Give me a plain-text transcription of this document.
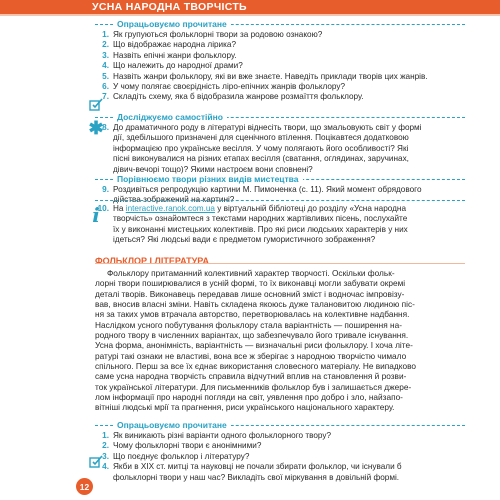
УСНА НАРОДНА ТВОРЧІСТЬ
Опрацьовуємо прочитане
1. Як групуються фольклорні твори за родовою ознакою?
2. Що відображає народна лірика?
3. Назвіть епічні жанри фольклору.
4. Що належить до народної драми?
5. Назвіть жанри фольклору, які ви вже знаєте. Наведіть приклади творів цих жанрів.
6. У чому полягає своєрідність ліро-епічних жанрів фольклору?
7. Складіть схему, яка б відобразила жанрове розмаїття фольклору.
Досліджуємо самостійно
8. До драматичного роду в літературі віднесіть твори, що змальовують світ у формі
дії, здебільшого призначені для сценічного втілення. Поцікавтеся додатковою
інформацією про українське весілля. У чому полягають його особливості? Які
пісні виконувалися на різних етапах весілля (сватання, оглядинах, заручинах,
дівич-вечорі тощо)? Якими настроєм вони сповнені?
✱
Порівнюємо твори різних видів мистецтва
9. Роздивіться репродукцію картини М. Пимоненка (с. 11). Який момент обрядового
дійства зображений на картині?
10. На interactive.ranok.com.ua у віртуальній бібліотеці до розділу «Усна народна
творчість» ознайомтеся з текстами народних жартівливих пісень, послухайте
їх у виконанні мистецьких колективів. Про які риси людських характерів у них
ідеться? Які людські вади є предметом гумористичного зображення?
i
ФОЛЬКЛОР І ЛІТЕРАТУРА
Фольклору притаманний колективний характер творчості. Оскільки фольк-
лорні твори поширювалися в усній формі, то їх виконавці могли забувати окремі
деталі творів. Виконавець передавав лише основний зміст і водночас імпровізу-
вав, вносив власні зміни. Навіть складена якоюсь дуже талановитою людиною піс-
ня за таких умов втрачала авторство, перетворювалась на колективне надбання.
Наслідком усного побутування фольклору стала варіантність — поширення на-
родного твору в численних варіантах, що забезпечувало його тривале існування.
Усна форма, анонімність, варіантність — визначальні риси фольклору. І хоча літе-
ратурі такі ознаки не властиві, вона все ж зберігає з народною творчістю чимало
спільного. Перш за все їх єднає використання словесного матеріалу. Не випадково
саме усна народна творчість справила відчутний вплив на становлення й розви-
ток української літератури. Для письменників фольклор був і залишається джере-
лом інформації про народні погляди на світ, уявлення про добро і зло, найзапо-
вітніші людські мрії та прагнення, риси українського національного характеру.
Опрацьовуємо прочитане
1. Як виникають різні варіанти одного фольклорного твору?
2. Чому фольклорні твори є анонімними?
3. Що поєднує фольклор і літературу?
4. Якби в ХІХ ст. митці та науковці не почали збирати фольклор, чи існували б
фольклорні твори у наш час? Викладіть свої міркування в довільній формі.
12
